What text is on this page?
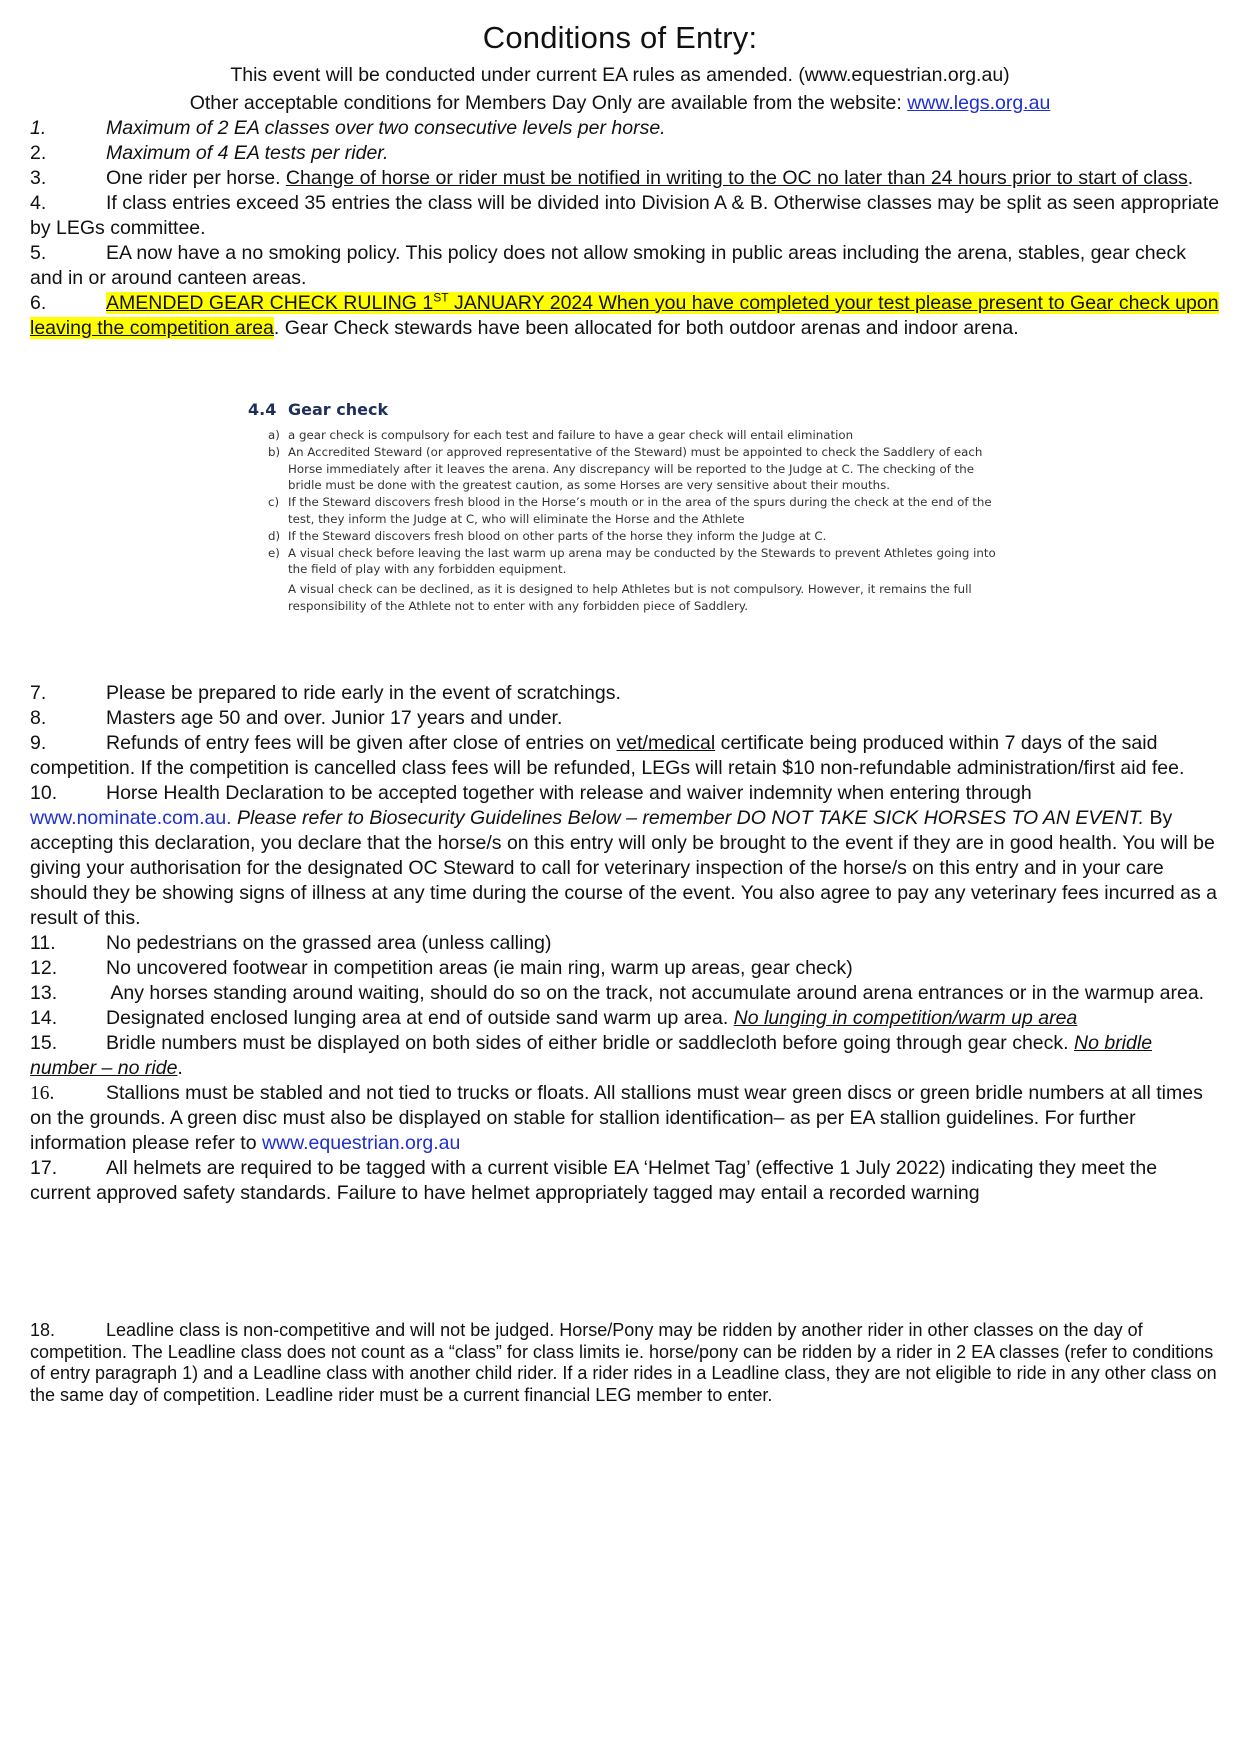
Conditions of Entry:
This event will be conducted under current EA rules as amended. (www.equestrian.org.au)
Other acceptable conditions for Members Day Only are available from the website: www.legs.org.au
1.	Maximum of 2 EA classes over two consecutive levels per horse.
2.	Maximum of 4 EA tests per rider.
3.	One rider per horse. Change of horse or rider must be notified in writing to the OC no later than 24 hours prior to start of class.
4.	If class entries exceed 35 entries the class will be divided into Division A & B. Otherwise classes may be split as seen appropriate by LEGs committee.
5.	EA now have a no smoking policy. This policy does not allow smoking in public areas including the arena, stables, gear check and in or around canteen areas.
6.	AMENDED GEAR CHECK RULING 1ST JANUARY 2024 When you have completed your test please present to Gear check upon leaving the competition area. Gear Check stewards have been allocated for both outdoor arenas and indoor arena.
4.4 Gear check
a) a gear check is compulsory for each test and failure to have a gear check will entail elimination
b) An Accredited Steward (or approved representative of the Steward) must be appointed to check the Saddlery of each Horse immediately after it leaves the arena. Any discrepancy will be reported to the Judge at C. The checking of the bridle must be done with the greatest caution, as some Horses are very sensitive about their mouths.
c) If the Steward discovers fresh blood in the Horse’s mouth or in the area of the spurs during the check at the end of the test, they inform the Judge at C, who will eliminate the Horse and the Athlete
d) If the Steward discovers fresh blood on other parts of the horse they inform the Judge at C.
e) A visual check before leaving the last warm up arena may be conducted by the Stewards to prevent Athletes going into the field of play with any forbidden equipment.
A visual check can be declined, as it is designed to help Athletes but is not compulsory. However, it remains the full responsibility of the Athlete not to enter with any forbidden piece of Saddlery.
7.	Please be prepared to ride early in the event of scratchings.
8.	Masters age 50 and over. Junior 17 years and under.
9.	Refunds of entry fees will be given after close of entries on vet/medical certificate being produced within 7 days of the said competition. If the competition is cancelled class fees will be refunded, LEGs will retain $10 non-refundable administration/first aid fee.
10.	Horse Health Declaration to be accepted together with release and waiver indemnity when entering through www.nominate.com.au. Please refer to Biosecurity Guidelines Below – remember DO NOT TAKE SICK HORSES TO AN EVENT. By accepting this declaration, you declare that the horse/s on this entry will only be brought to the event if they are in good health. You will be giving your authorisation for the designated OC Steward to call for veterinary inspection of the horse/s on this entry and in your care should they be showing signs of illness at any time during the course of the event. You also agree to pay any veterinary fees incurred as a result of this.
11.	No pedestrians on the grassed area (unless calling)
12.	No uncovered footwear in competition areas (ie main ring, warm up areas, gear check)
13.	Any horses standing around waiting, should do so on the track, not accumulate around arena entrances or in the warmup area.
14.	Designated enclosed lunging area at end of outside sand warm up area. No lunging in competition/warm up area
15.	Bridle numbers must be displayed on both sides of either bridle or saddlecloth before going through gear check. No bridle number – no ride.
16.	Stallions must be stabled and not tied to trucks or floats. All stallions must wear green discs or green bridle numbers at all times on the grounds. A green disc must also be displayed on stable for stallion identification– as per EA stallion guidelines. For further information please refer to www.equestrian.org.au
17.	All helmets are required to be tagged with a current visible EA ‘Helmet Tag’ (effective 1 July 2022) indicating they meet the current approved safety standards. Failure to have helmet appropriately tagged may entail a recorded warning
18.	Leadline class is non-competitive and will not be judged. Horse/Pony may be ridden by another rider in other classes on the day of competition. The Leadline class does not count as a “class” for class limits ie. horse/pony can be ridden by a rider in 2 EA classes (refer to conditions of entry paragraph 1) and a Leadline class with another child rider. If a rider rides in a Leadline class, they are not eligible to ride in any other class on the same day of competition. Leadline rider must be a current financial LEG member to enter.
